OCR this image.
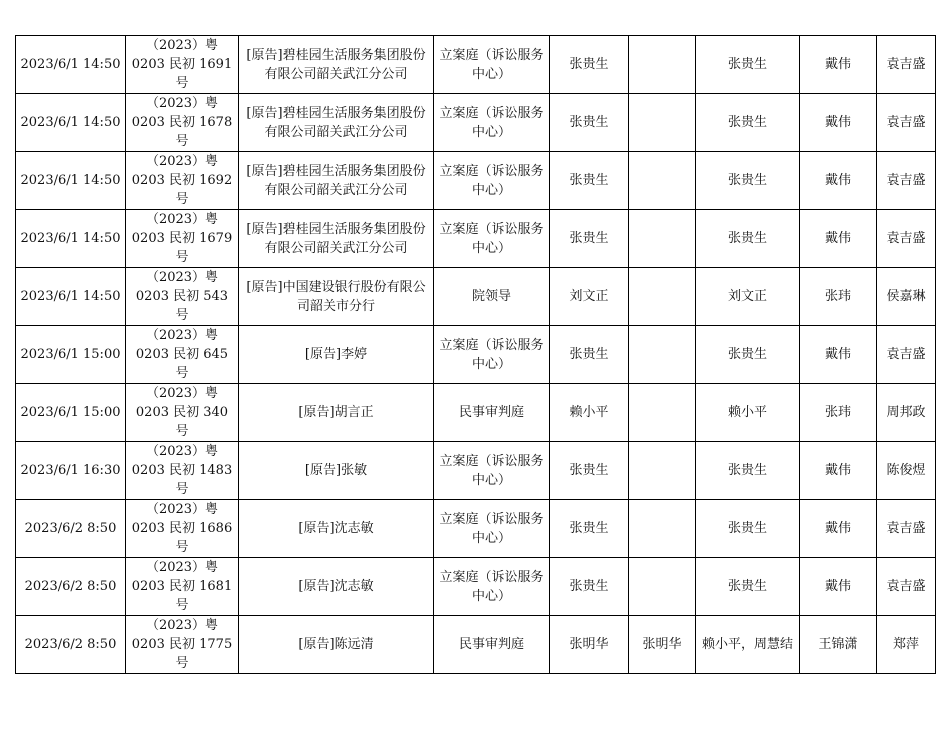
2023/6/1 14:50	（2023）粤 0203 民初 1691 号	[原告]碧桂园生活服务集团股份有限公司韶关武江分公司	立案庭（诉讼服务中心）	张贵生		张贵生	戴伟	袁吉盛
2023/6/1 14:50	（2023）粤 0203 民初 1678 号	[原告]碧桂园生活服务集团股份有限公司韶关武江分公司	立案庭（诉讼服务中心）	张贵生		张贵生	戴伟	袁吉盛
2023/6/1 14:50	（2023）粤 0203 民初 1692 号	[原告]碧桂园生活服务集团股份有限公司韶关武江分公司	立案庭（诉讼服务中心）	张贵生		张贵生	戴伟	袁吉盛
2023/6/1 14:50	（2023）粤 0203 民初 1679 号	[原告]碧桂园生活服务集团股份有限公司韶关武江分公司	立案庭（诉讼服务中心）	张贵生		张贵生	戴伟	袁吉盛
2023/6/1 14:50	（2023）粤 0203 民初 543 号	[原告]中国建设银行股份有限公司韶关市分行	院领导	刘文正		刘文正	张玮	侯嘉琳
2023/6/1 15:00	（2023）粤 0203 民初 645 号	[原告]李婷	立案庭（诉讼服务中心）	张贵生		张贵生	戴伟	袁吉盛
2023/6/1 15:00	（2023）粤 0203 民初 340 号	[原告]胡言正	民事审判庭	赖小平		赖小平	张玮	周邦政
2023/6/1 16:30	（2023）粤 0203 民初 1483 号	[原告]张敏	立案庭（诉讼服务中心）	张贵生		张贵生	戴伟	陈俊煜
2023/6/2 8:50	（2023）粤 0203 民初 1686 号	[原告]沈志敏	立案庭（诉讼服务中心）	张贵生		张贵生	戴伟	袁吉盛
2023/6/2 8:50	（2023）粤 0203 民初 1681 号	[原告]沈志敏	立案庭（诉讼服务中心）	张贵生		张贵生	戴伟	袁吉盛
2023/6/2 8:50	（2023）粤 0203 民初 1775 号	[原告]陈远清	民事审判庭	张明华	张明华	赖小平，周慧结	王锦潇	郑萍
